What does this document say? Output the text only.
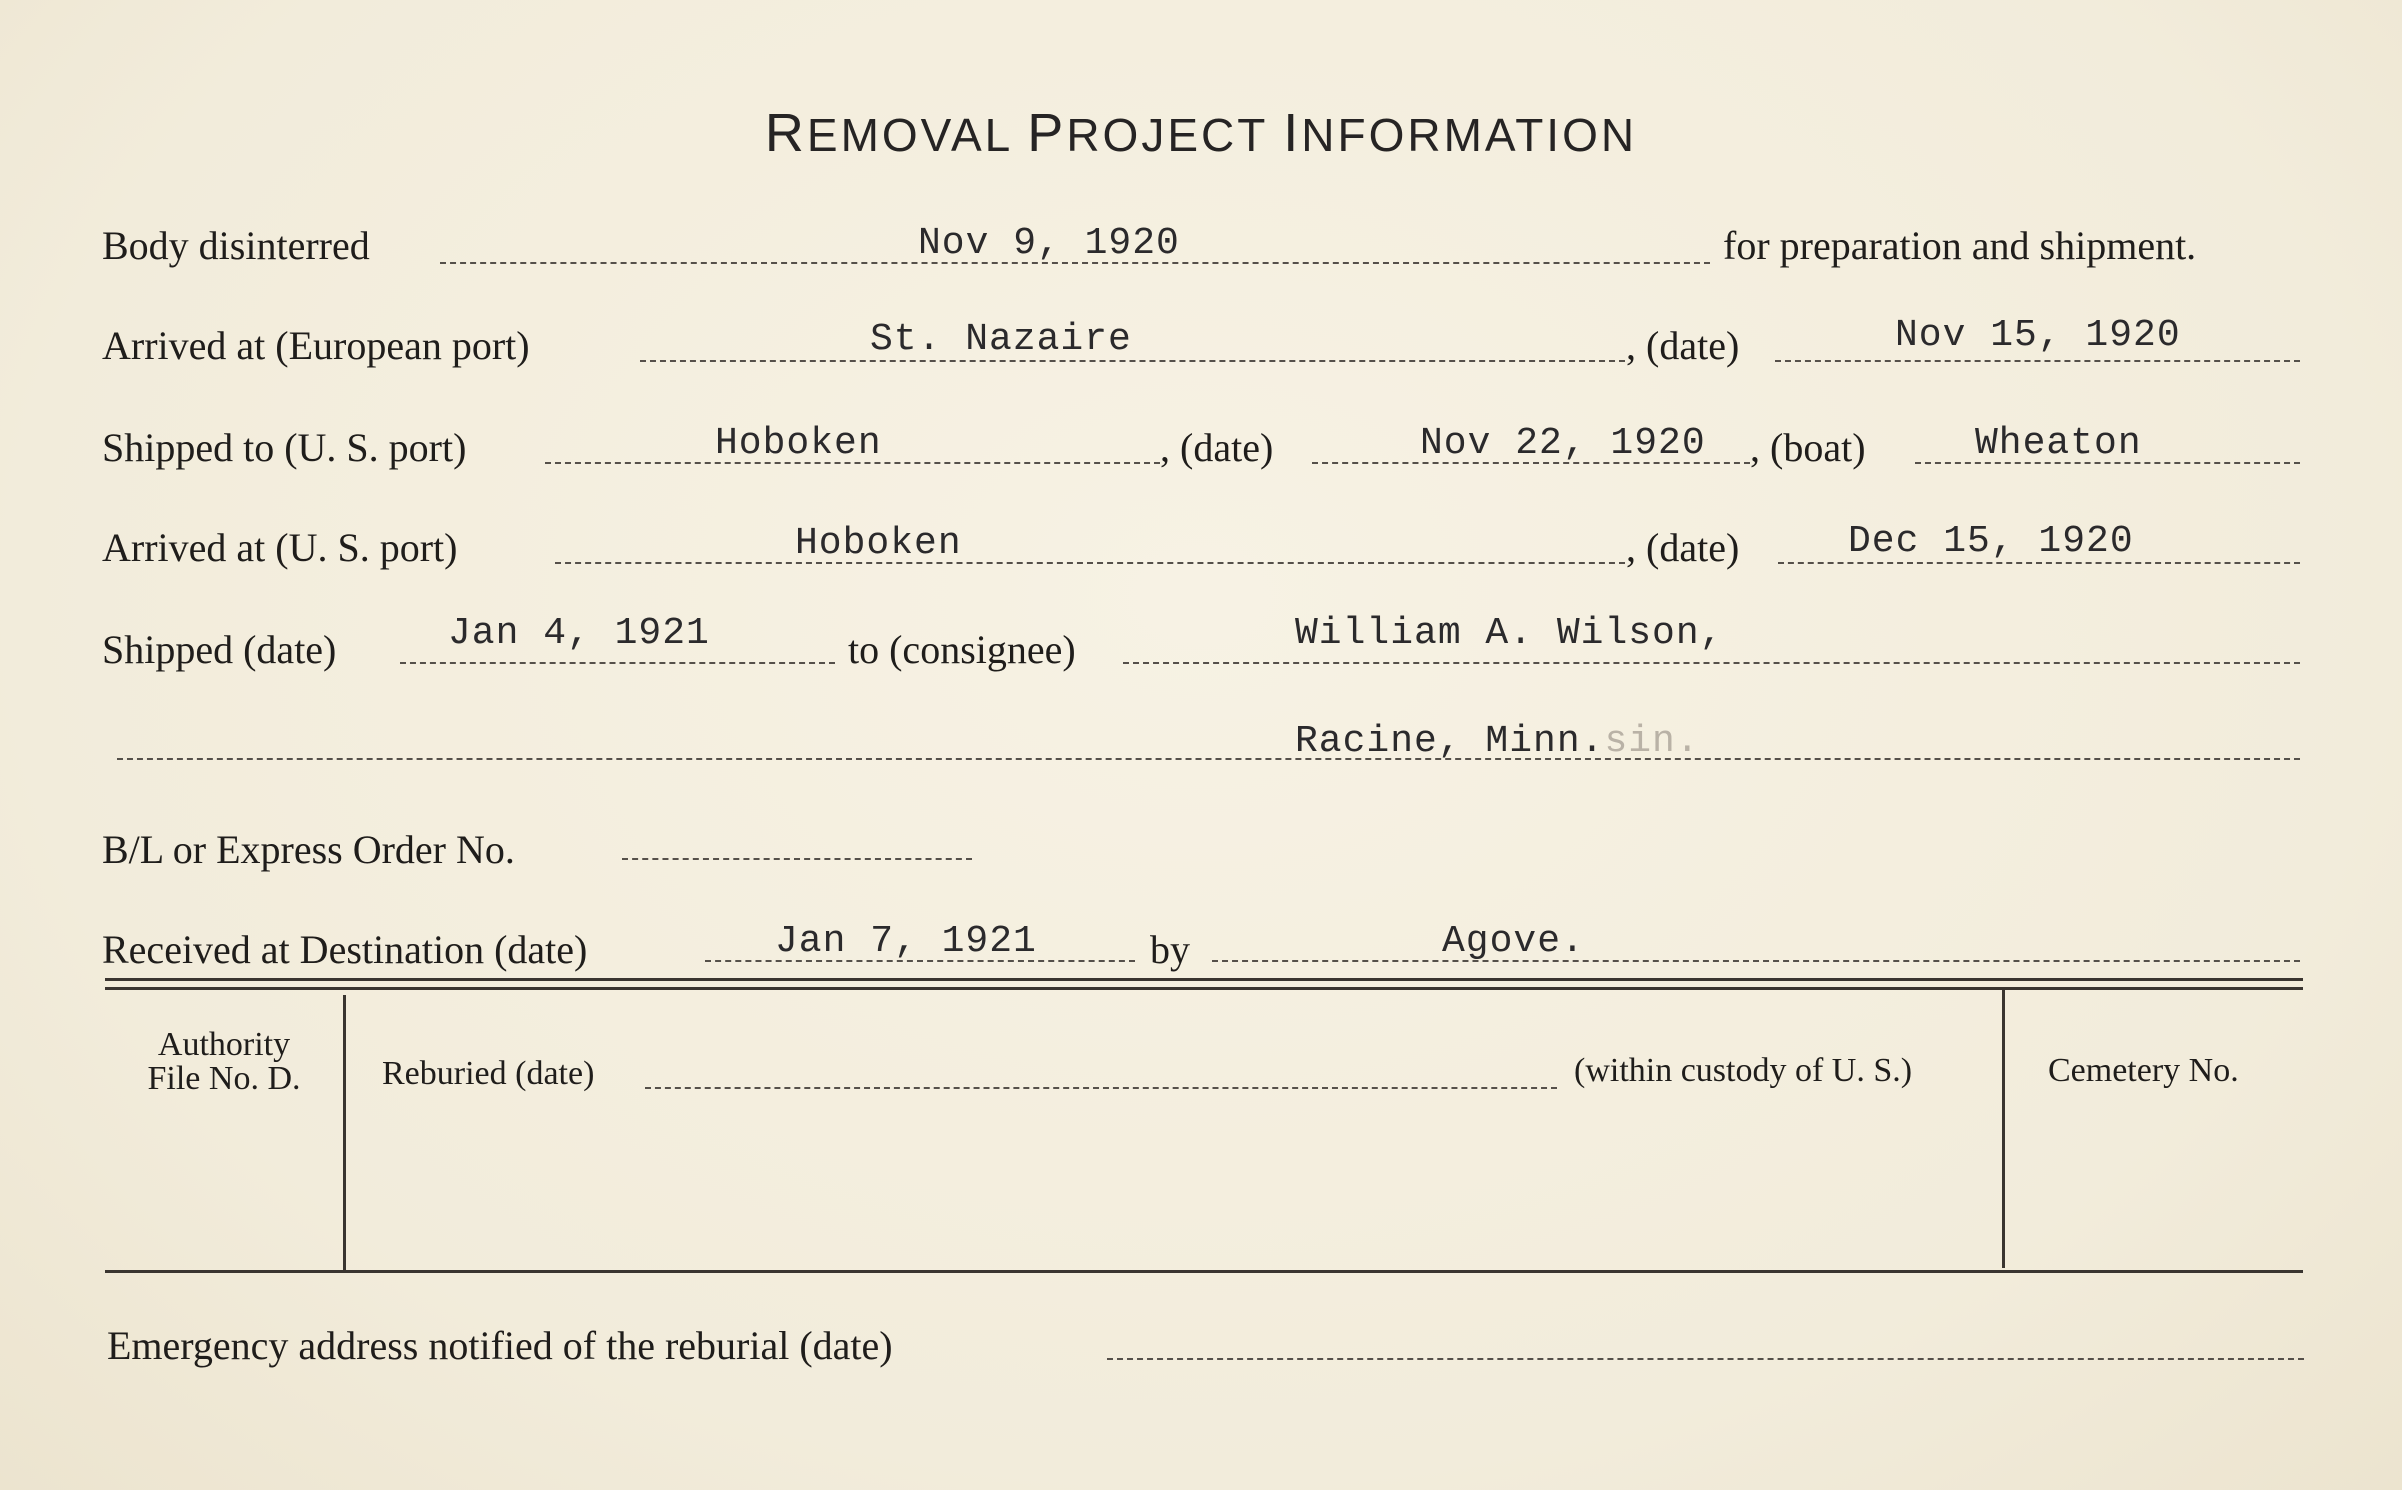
REMOVAL PROJECT INFORMATION
Body disinterred	Nov 9, 1920	for preparation and shipment.
Arrived at (European port)	St. Nazaire	, (date)	Nov 15, 1920
Shipped to (U. S. port)	Hoboken	, (date)	Nov 22, 1920 , (boat)	Wheaton
Arrived at (U. S. port)	Hoboken	, (date)	Dec 15, 1920
Shipped (date)	Jan 4, 1921	to (consignee)	William A. Wilson,
Racine, Minn.sin.
B/L or Express Order No.
Received at Destination (date)	Jan 7, 1921	by	Agove.
Authority
File No. D.	Reburied (date)	(within custody of U. S.)	Cemetery No.
Emergency address notified of the reburial (date)
